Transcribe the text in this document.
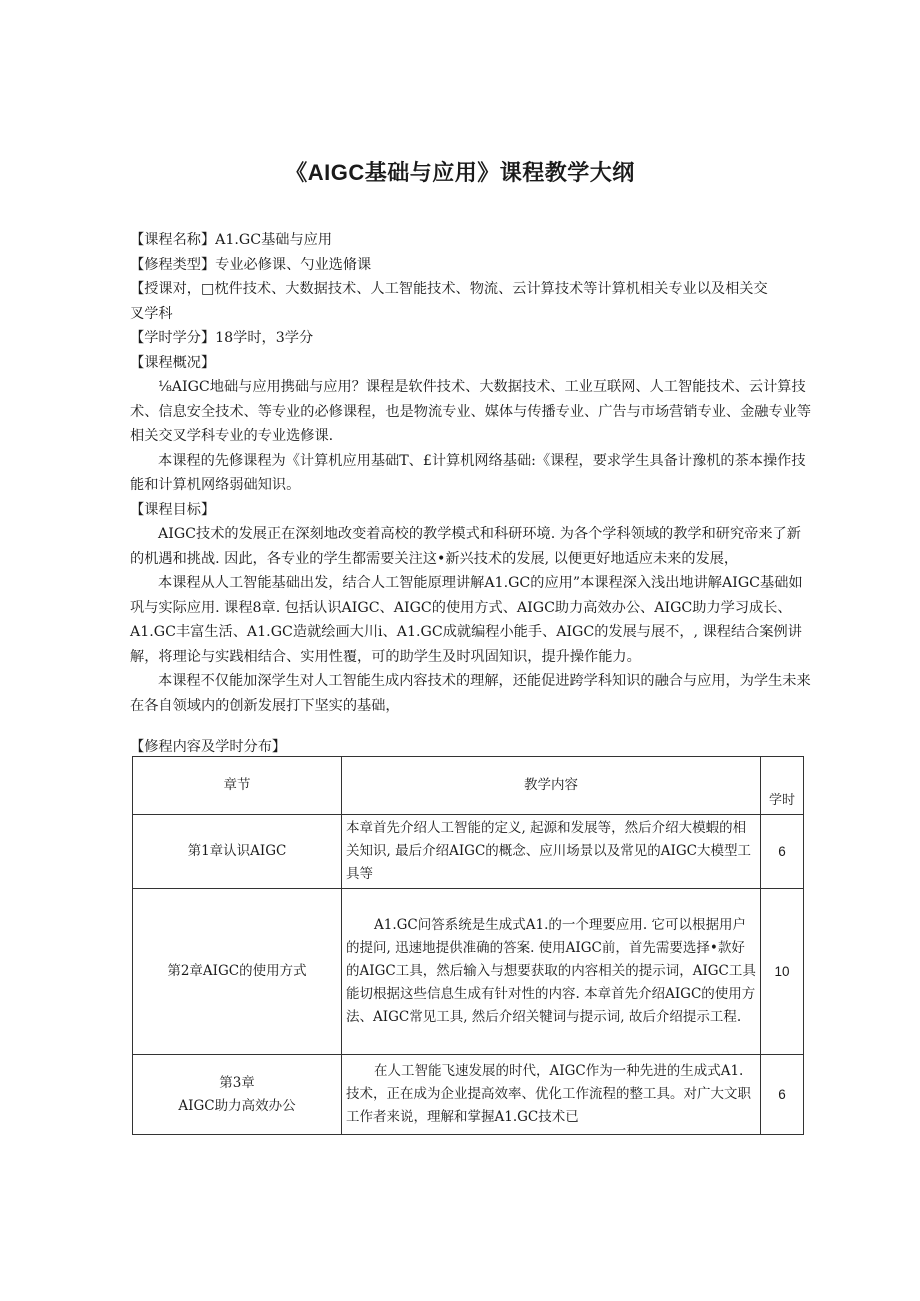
《AIGC基础与应用》课程教学大纲

【课程名称】A1.GC基础与应用

【修程类型】专业必修课、勺业选脩课

【授课对，□枕件技术、大数据技术、人工智能技术、物流、云计算技术等计算机相关专业以及相关交

叉学科

【学时学分】18学时，3学分

【课程概况】

⅛AIGC地础与应用携础与应用？课程是软件技术、大数据技术、工业互联网、人工智能技术、云计算技术、信息安全技术、等专业的必修课程，也是物流专业、媒体与传播专业、广告与市场营销专业、金融专业等相关交叉学科专业的专业选修课.

本课程的先修课程为《计算机应用基础T、£计算机网络基础:《课程，要求学生具备计豫机的茶本操作技能和计算机网络弱础知识。

【课程目标】

AIGC技术的发展正在深刻地改变着高校的教学模式和科研环境. 为各个学科领域的教学和研究帝来了新的机遇和挑战. 因此，各专业的学生都需要关注这•新兴技术的发展, 以便更好地适应未来的发展，

本课程从人工智能基础出发，结合人工智能原理讲解A1.GC的应用”本课程深入浅出地讲解AIGC基础如巩与实际应用. 课程8章. 包括认识AIGC、AIGC的使用方式、AIGC助力高效办公、AIGC助力学习成长、A1.GC丰富生活、A1.GC造就绘画大川i、A1.GC成就编程小能手、AIGC的发展与展不，, 课程结合案例讲解，将理论与实践相结合、实用性覆，可的助学生及时巩固知识，提升操作能力。

本课程不仅能加深学生对人工智能生成内容技术的理解，还能促进跨学科知识的融合与应用，为学生未来在各自领域内的创新发展打下坚实的基础，

【修程内容及学时分布】
章节	教学内容	学时
第1章认识AIGC	本章首先介绍人工智能的定义, 起源和发展等，然后介绍大模蝦的相关知识, 最后介绍AIGC的概念、应川场景以及常见的AIGC大模型工具等	6
第2章AIGC的使用方式	A1.GC问答系统是生成式A1.的一个理要应用. 它可以根据用户的提问, 迅速地提供准确的答案. 使用AIGC前，首先需要选择•款好的AIGC工具，然后输入与想要获取的内容相关的提示词，AIGC工具能切根据这些信息生成有针对性的内容. 本章首先介绍AIGC的使用方法、AIGC常见工具, 然后介绍关犍词与提示词, 故后介绍提示工程.	10

第3章
AIGC助力高效办公	在人工智能飞速发展的时代，AIGC作为一种先进的生成式A1.技术，正在成为企业提高效率、优化工作流程的整工具。对广大文职工作者来说，理解和掌握A1.GC技术已	6
